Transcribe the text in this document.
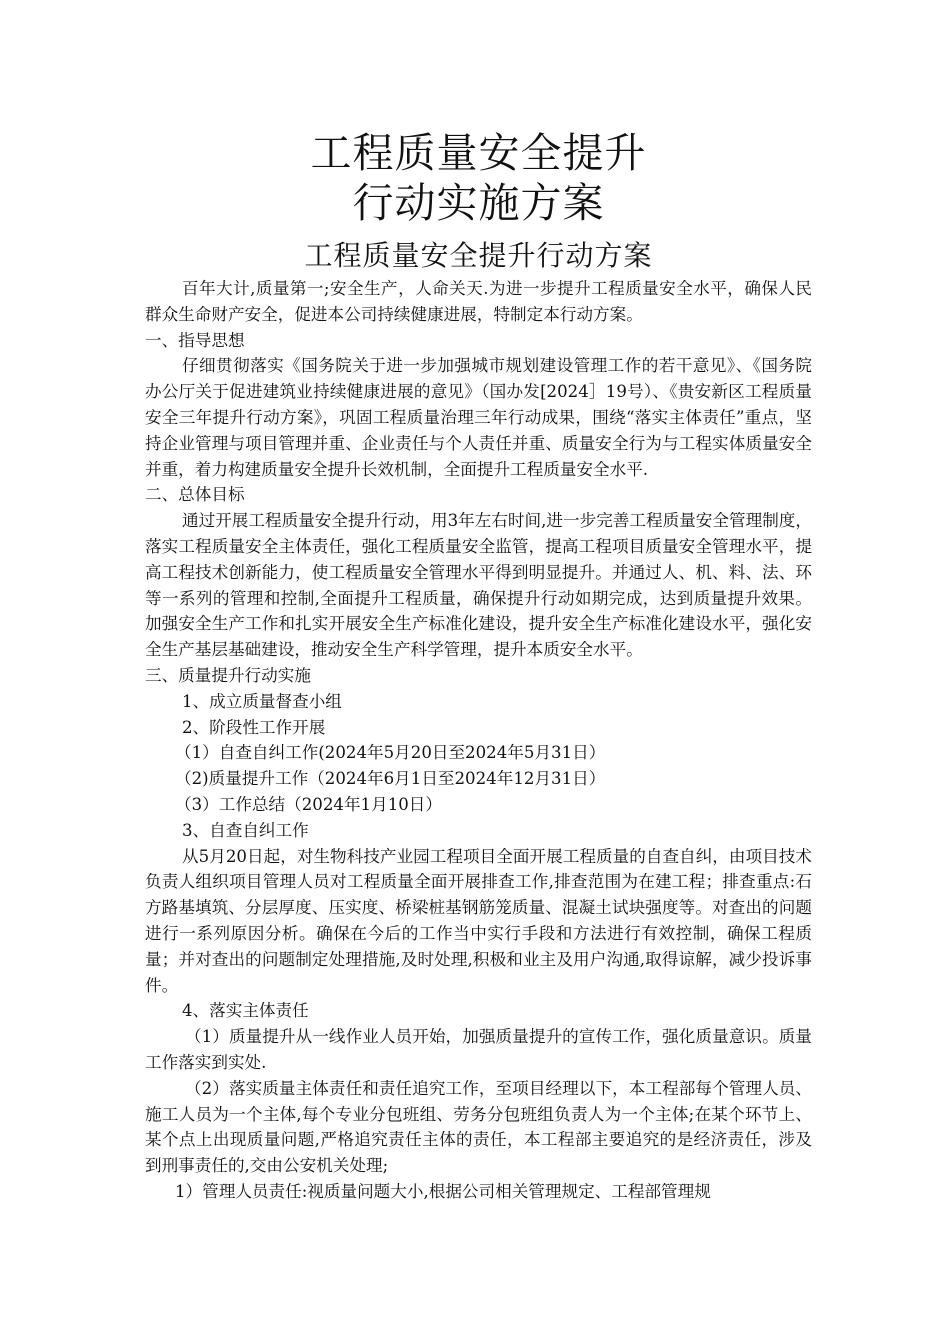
工程质量安全提升
行动实施方案
工程质量安全提升行动方案

百年大计,质量第一;安全生产，人命关天.为进一步提升工程质量安全水平，确保人民群众生命财产安全，促进本公司持续健康进展，特制定本行动方案。

一、指导思想

仔细贯彻落实《国务院关于进一步加强城市规划建设管理工作的若干意见》、《国务院办公厅关于促进建筑业持续健康进展的意见》（国办发[2024］19号）、《贵安新区工程质量安全三年提升行动方案》，巩固工程质量治理三年行动成果，围绕“落实主体责任”重点，坚持企业管理与项目管理并重、企业责任与个人责任并重、质量安全行为与工程实体质量安全并重，着力构建质量安全提升长效机制，全面提升工程质量安全水平.

二、总体目标

通过开展工程质量安全提升行动，用3年左右时间,进一步完善工程质量安全管理制度，落实工程质量安全主体责任，强化工程质量安全监管，提高工程项目质量安全管理水平，提高工程技术创新能力，使工程质量安全管理水平得到明显提升。并通过人、机、料、法、环等一系列的管理和控制,全面提升工程质量，确保提升行动如期完成，达到质量提升效果。加强安全生产工作和扎实开展安全生产标准化建设，提升安全生产标准化建设水平，强化安全生产基层基础建设，推动安全生产科学管理，提升本质安全水平。

三、质量提升行动实施

1、成立质量督查小组

2、阶段性工作开展

（1）自查自纠工作(2024年5月20日至2024年5月31日）

（2)质量提升工作（2024年6月1日至2024年12月31日）

（3）工作总结（2024年1月10日）

3、自查自纠工作

从5月20日起，对生物科技产业园工程项目全面开展工程质量的自查自纠，由项目技术负责人组织项目管理人员对工程质量全面开展排查工作,排查范围为在建工程；排查重点:石方路基填筑、分层厚度、压实度、桥梁桩基钢筋笼质量、混凝土试块强度等。对查出的问题进行一系列原因分析。确保在今后的工作当中实行手段和方法进行有效控制，确保工程质量；并对查出的问题制定处理措施,及时处理,积极和业主及用户沟通,取得谅解，减少投诉事件。

4、落实主体责任

（1）质量提升从一线作业人员开始，加强质量提升的宣传工作，强化质量意识。质量工作落实到实处.

（2）落实质量主体责任和责任追究工作，至项目经理以下，本工程部每个管理人员、施工人员为一个主体,每个专业分包班组、劳务分包班组负责人为一个主体;在某个环节上、某个点上出现质量问题,严格追究责任主体的责任，本工程部主要追究的是经济责任，涉及到刑事责任的,交由公安机关处理;

1）管理人员责任:视质量问题大小,根据公司相关管理规定、工程部管理规
